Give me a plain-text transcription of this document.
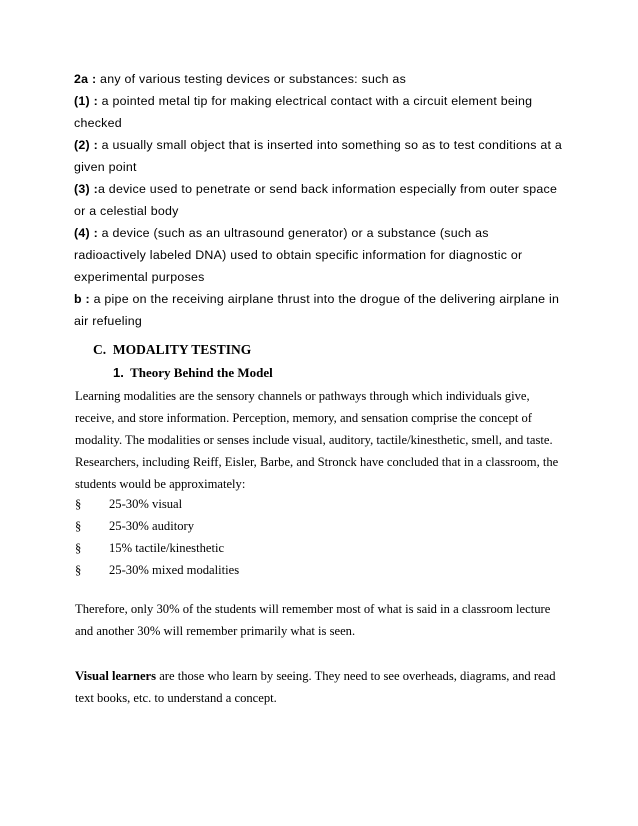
2a : any of various testing devices or substances: such as

(1) : a pointed metal tip for making electrical contact with a circuit element being checked

(2) : a usually small object that is inserted into something so as to test conditions at a given point

(3) :a device used to penetrate or send back information especially from outer space or a celestial body

(4) : a device (such as an ultrasound generator) or a substance (such as radioactively labeled DNA) used to obtain specific information for diagnostic or experimental purposes

b : a pipe on the receiving airplane thrust into the drogue of the delivering airplane in air refueling

C.  MODALITY TESTING
1.  Theory Behind the Model

Learning modalities are the sensory channels or pathways through which individuals give, receive, and store information. Perception, memory, and sensation comprise the concept of modality. The modalities or senses include visual, auditory, tactile/kinesthetic, smell, and taste. Researchers, including Reiff, Eisler, Barbe, and Stronck have concluded that in a classroom, the students would be approximately:

§ 25-30% visual
§ 25-30% auditory
§ 15% tactile/kinesthetic
§ 25-30% mixed modalities

Therefore, only 30% of the students will remember most of what is said in a classroom lecture and another 30% will remember primarily what is seen.

Visual learners are those who learn by seeing. They need to see overheads, diagrams, and read text books, etc. to understand a concept.
